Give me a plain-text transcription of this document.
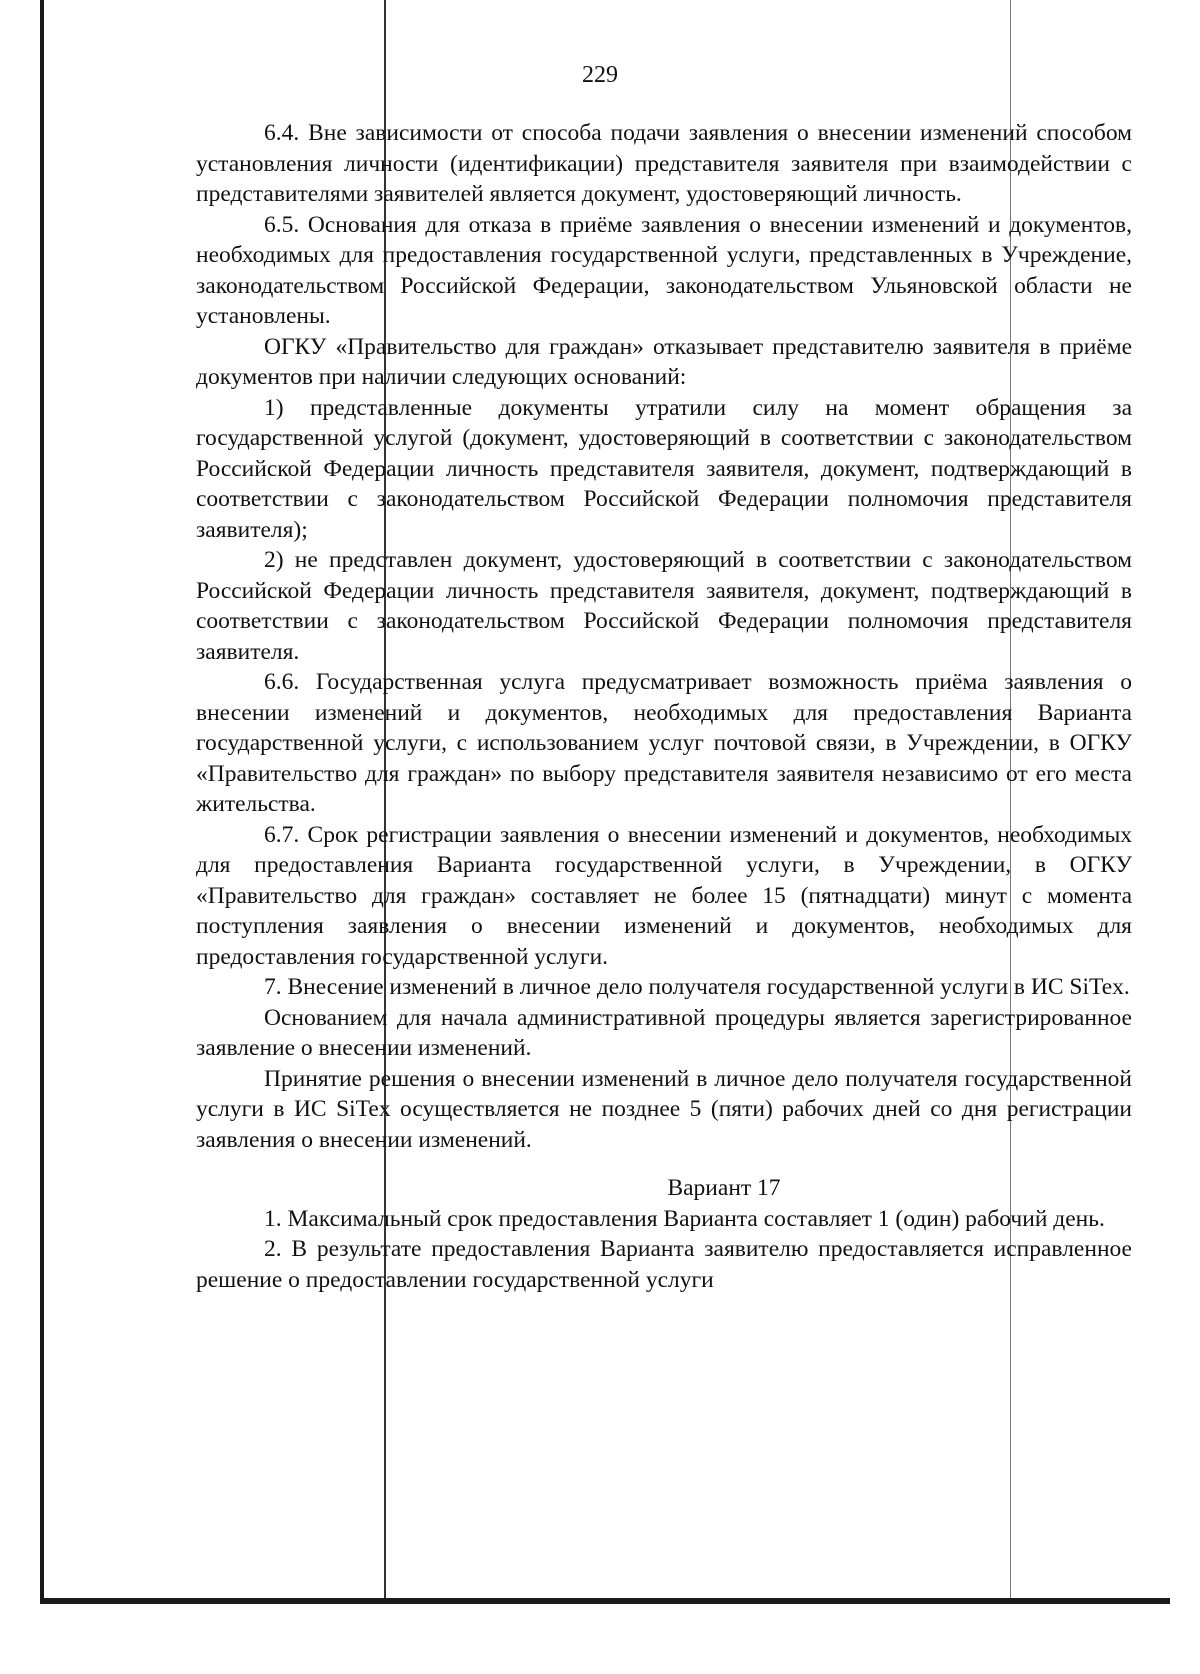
229

6.4. Вне зависимости от способа подачи заявления о внесении изменений способом установления личности (идентификации) представителя заявителя при взаимодействии с представителями заявителей является документ, удостоверяющий личность.

6.5. Основания для отказа в приёме заявления о внесении изменений и документов, необходимых для предоставления государственной услуги, представленных в Учреждение, законодательством Российской Федерации, законодательством Ульяновской области не установлены.

ОГКУ «Правительство для граждан» отказывает представителю заявителя в приёме документов при наличии следующих оснований:

1) представленные документы утратили силу на момент обращения за государственной услугой (документ, удостоверяющий в соответствии с законодательством Российской Федерации личность представителя заявителя, документ, подтверждающий в соответствии с законодательством Российской Федерации полномочия представителя заявителя);

2) не представлен документ, удостоверяющий в соответствии с законодательством Российской Федерации личность представителя заявителя, документ, подтверждающий в соответствии с законодательством Российской Федерации полномочия представителя заявителя.

6.6. Государственная услуга предусматривает возможность приёма заявления о внесении изменений и документов, необходимых для предоставления Варианта государственной услуги, с использованием услуг почтовой связи, в Учреждении, в ОГКУ «Правительство для граждан» по выбору представителя заявителя независимо от его места жительства.

6.7. Срок регистрации заявления о внесении изменений и документов, необходимых для предоставления Варианта государственной услуги, в Учреждении, в ОГКУ «Правительство для граждан» составляет не более 15 (пятнадцати) минут с момента поступления заявления о внесении изменений и документов, необходимых для предоставления государственной услуги.

7. Внесение изменений в личное дело получателя государственной услуги в ИС SiTex.

Основанием для начала административной процедуры является зарегистрированное заявление о внесении изменений.

Принятие решения о внесении изменений в личное дело получателя государственной услуги в ИС SiTex осуществляется не позднее 5 (пяти) рабочих дней со дня регистрации заявления о внесении изменений.

Вариант 17

1. Максимальный срок предоставления Варианта составляет 1 (один) рабочий день.

2. В результате предоставления Варианта заявителю предоставляется исправленное решение о предоставлении государственной услуги
